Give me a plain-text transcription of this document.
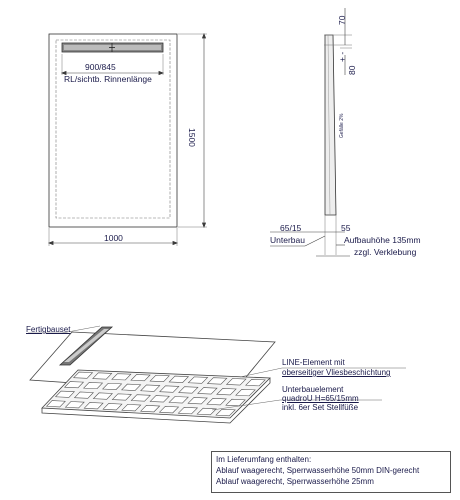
900/845
RL/sichtb. Rinnenlänge
1000
1500
70
+ -
80
Gefälle 2%
65/15
Unterbau
55
Aufbauhöhe 135mm
zzgl. Verklebung
Fertigbauset
LINE-Element mit
oberseitiger Vliesbeschichtung
Unterbauelement
quadroU H=65/15mm
inkl. 6er Set Stellfüße
Im Lieferumfang enthalten:
Ablauf waagerecht, Sperrwasserhöhe 50mm DIN-gerecht
Ablauf waagerecht, Sperrwasserhöhe 25mm
